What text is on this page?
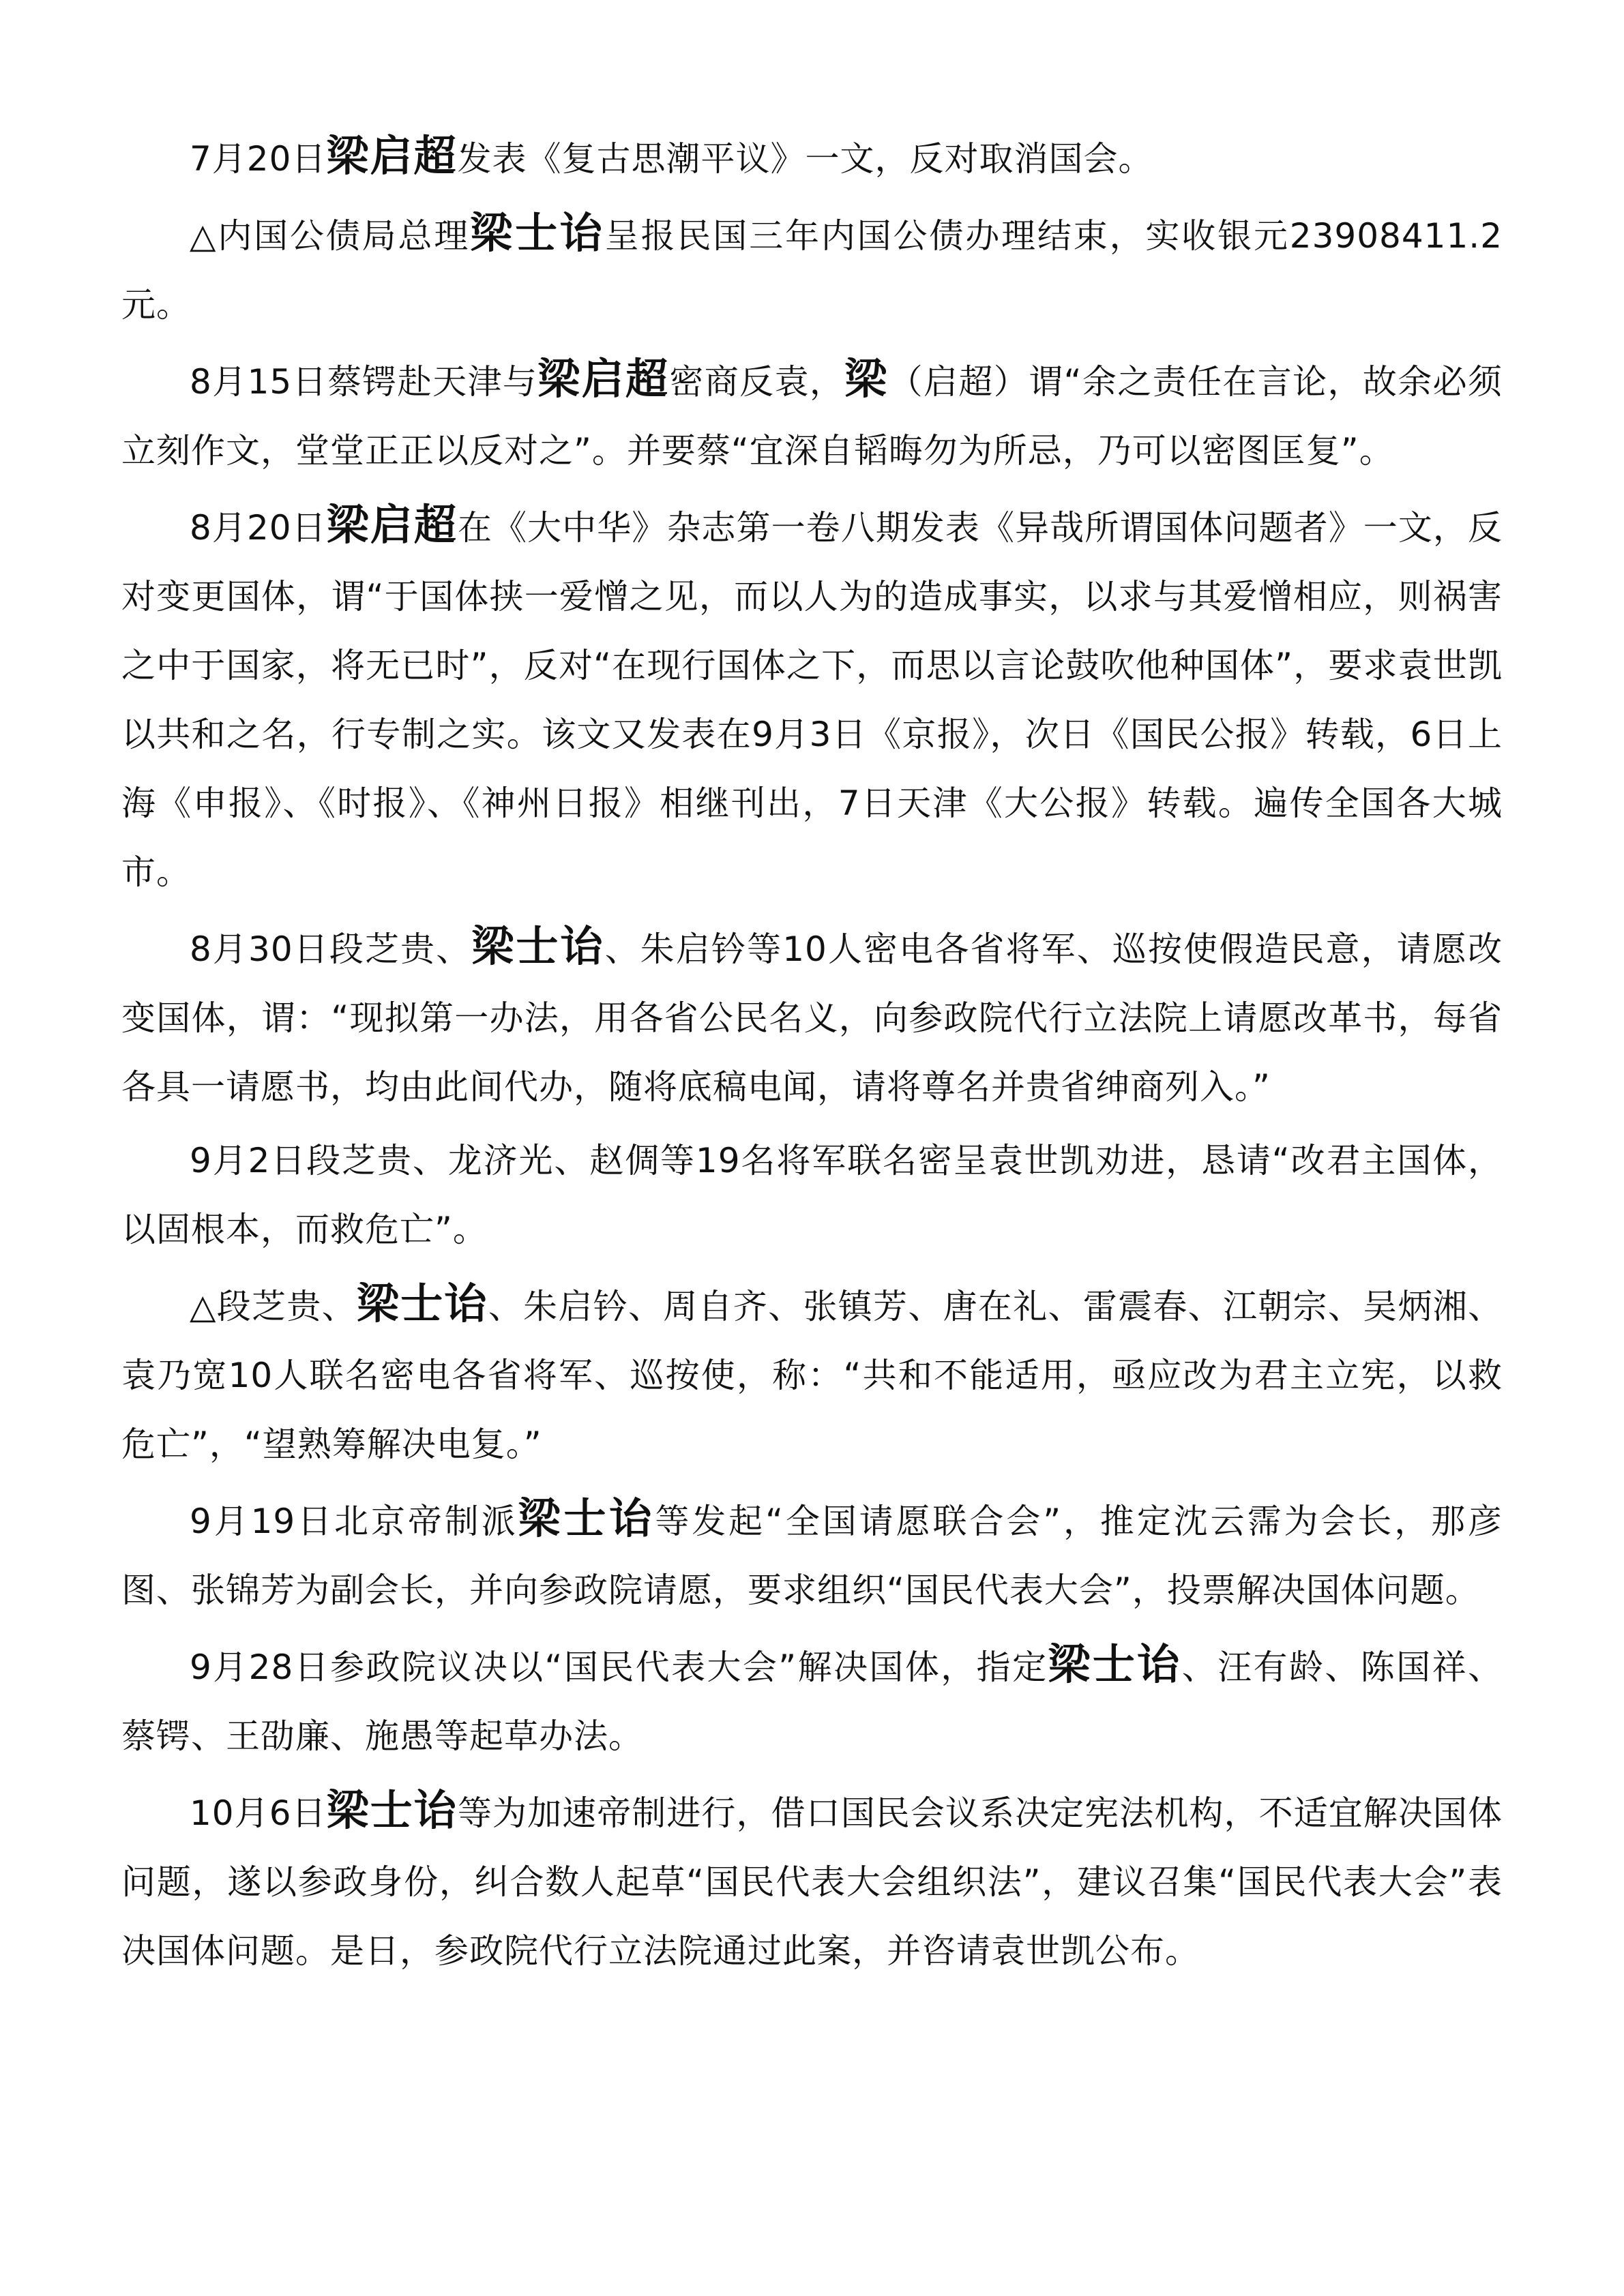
7月20日梁启超发表《复古思潮平议》一文，反对取消国会。

△内国公债局总理梁士诒呈报民国三年内国公债办理结束，实收银元23908411.2元。

8月15日蔡锷赴天津与梁启超密商反袁，梁（启超）谓“余之责任在言论，故余必须立刻作文，堂堂正正以反对之”。并要蔡“宜深自韬晦勿为所忌，乃可以密图匡复”。

8月20日梁启超在《大中华》杂志第一卷八期发表《异哉所谓国体问题者》一文，反对变更国体，谓“于国体挟一爱憎之见，而以人为的造成事实，以求与其爱憎相应，则祸害之中于国家，将无已时”，反对“在现行国体之下，而思以言论鼓吹他种国体”，要求袁世凯以共和之名，行专制之实。该文又发表在9月3日《京报》，次日《国民公报》转载，6日上海《申报》、《时报》、《神州日报》相继刊出，7日天津《大公报》转载。遍传全国各大城市。

8月30日段芝贵、梁士诒、朱启钤等10人密电各省将军、巡按使假造民意，请愿改变国体，谓：“现拟第一办法，用各省公民名义，向参政院代行立法院上请愿改革书，每省各具一请愿书，均由此间代办，随将底稿电闻，请将尊名并贵省绅商列入。”

9月2日段芝贵、龙济光、赵倜等19名将军联名密呈袁世凯劝进，恳请“改君主国体，以固根本，而救危亡”。

△段芝贵、梁士诒、朱启钤、周自齐、张镇芳、唐在礼、雷震春、江朝宗、吴炳湘、袁乃宽10人联名密电各省将军、巡按使，称：“共和不能适用，亟应改为君主立宪，以救危亡”，“望熟筹解决电复。”

9月19日北京帝制派梁士诒等发起“全国请愿联合会”，推定沈云霈为会长，那彦图、张锦芳为副会长，并向参政院请愿，要求组织“国民代表大会”，投票解决国体问题。

9月28日参政院议决以“国民代表大会”解决国体，指定梁士诒、汪有龄、陈国祥、蔡锷、王劭廉、施愚等起草办法。

10月6日梁士诒等为加速帝制进行，借口国民会议系决定宪法机构，不适宜解决国体问题，遂以参政身份，纠合数人起草“国民代表大会组织法”，建议召集“国民代表大会”表决国体问题。是日，参政院代行立法院通过此案，并咨请袁世凯公布。
